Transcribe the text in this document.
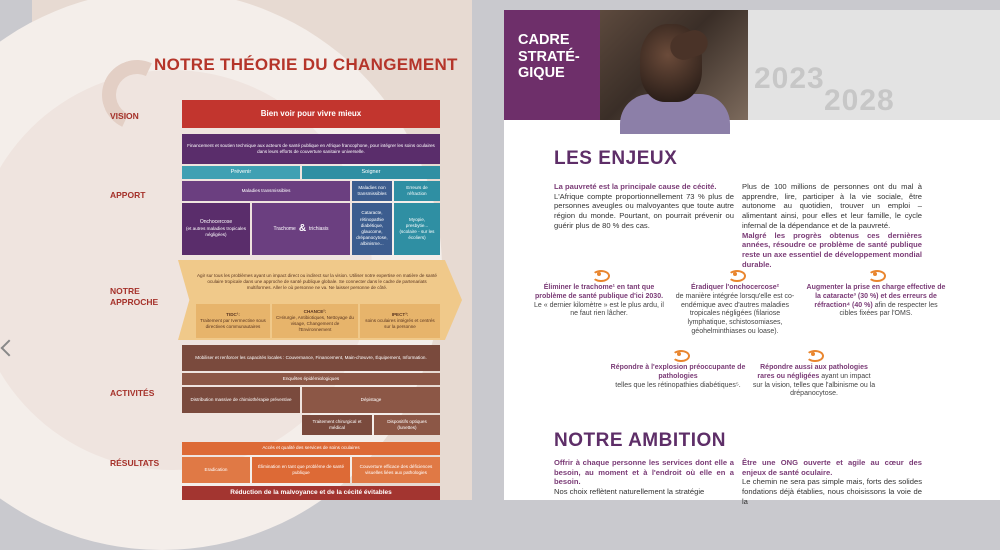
NOTRE THÉORIE DU CHANGEMENT
VISION
APPORT
NOTRE
APPROCHE
ACTIVITÉS
RÉSULTATS
Bien voir pour vivre mieux
Financement et soutien technique aux acteurs de santé publique en Afrique francophone, pour intégrer les soins oculaires dans leurs efforts de couverture sanitaire universelle.
Prévenir	Soigner
Maladies transmissibles
Maladies non transmissibles
Erreurs de réfraction
Onchocercose
(et autres maladies tropicales négligées)
Trachome & trichiasis
Cataracte, rétinopathie diabétique, glaucome, drépanocytose, albinisme...
Myopie, presbytie...
(scolaire - sur les écoliers)
Agir sur tous les problèmes ayant un impact direct ou indirect sur la vision. Utiliser notre expertise en matière de santé oculaire tropicale dans une approche de santé publique globale. Se connecter dans le cadre de partenariats multiformes. Aller le où personne ne va. Ne laisser personne de côté.
TIDC¹:
Traitement par Ivermectine sous directives communautaires
CHANCE²:
CHirurgie, Antibiotiques, Nettoyage du visage, Changement de l'Environnement
IPECT³:
soins oculaires intégrés et centrés sur la personne
Mobiliser et renforcer les capacités locales : Couvernance, Financement, Main-d'œuvre, Équipement, Information.
Enquêtes épidémiologiques
Distribution massive de chimiothérapie préventive	Dépistage
Traitement chirurgical et médical
Dispositifs optiques (lunettes)
Accès et qualité des services de soins oculaires
Eradication
Élimination en tant que problème de santé publique
Couverture efficace des déficiences visuelles liées aux pathologies
Réduction de la malvoyance et de la cécité évitables
CADRE
STRATÉ-
GIQUE	2023
2028
LES ENJEUX
La pauvreté est la principale cause de cécité.
L'Afrique compte proportionnellement 73 % plus de personnes aveugles ou malvoyantes que toute autre région du monde. Pourtant, on pourrait prévenir ou guérir plus de 80 % des cas.
Plus de 100 millions de personnes ont du mal à apprendre, lire, participer à la vie sociale, être autonome au quotidien, trouver un emploi – alimentant ainsi, pour elles et leur famille, le cycle infernal de la dépendance et de la pauvreté.
Malgré les progrès obtenus ces dernières années, résoudre ce problème de santé publique reste un axe essentiel de développement mondial durable.
Éliminer le trachome¹ en tant que problème de santé publique d'ici 2030. Le « dernier kilomètre » est le plus ardu, il ne faut rien lâcher.
Éradiquer l'onchocercose²
de manière intégrée lorsqu'elle est co-endémique avec d'autres maladies tropicales négligées (filariose lymphatique, schistosomiases, géohelminthiases ou loase).
Augmenter la prise en charge effective de la cataracte³ (30 %) et des erreurs de réfraction⁴ (40 %) afin de respecter les cibles fixées par l'OMS.
Répondre à l'explosion préoccupante de pathologies
telles que les rétinopathies diabétiques⁵.
Répondre aussi aux pathologies rares ou négligées ayant un impact sur la vision, telles que l'albinisme ou la drépanocytose.
NOTRE AMBITION
Offrir à chaque personne les services dont elle a besoin, au moment et à l'endroit où elle en a besoin.
Nos choix reflètent naturellement la stratégie
Être une ONG ouverte et agile au cœur des enjeux de santé oculaire.
Le chemin ne sera pas simple mais, forts des solides fondations déjà établies, nous choisissons la voie de la
